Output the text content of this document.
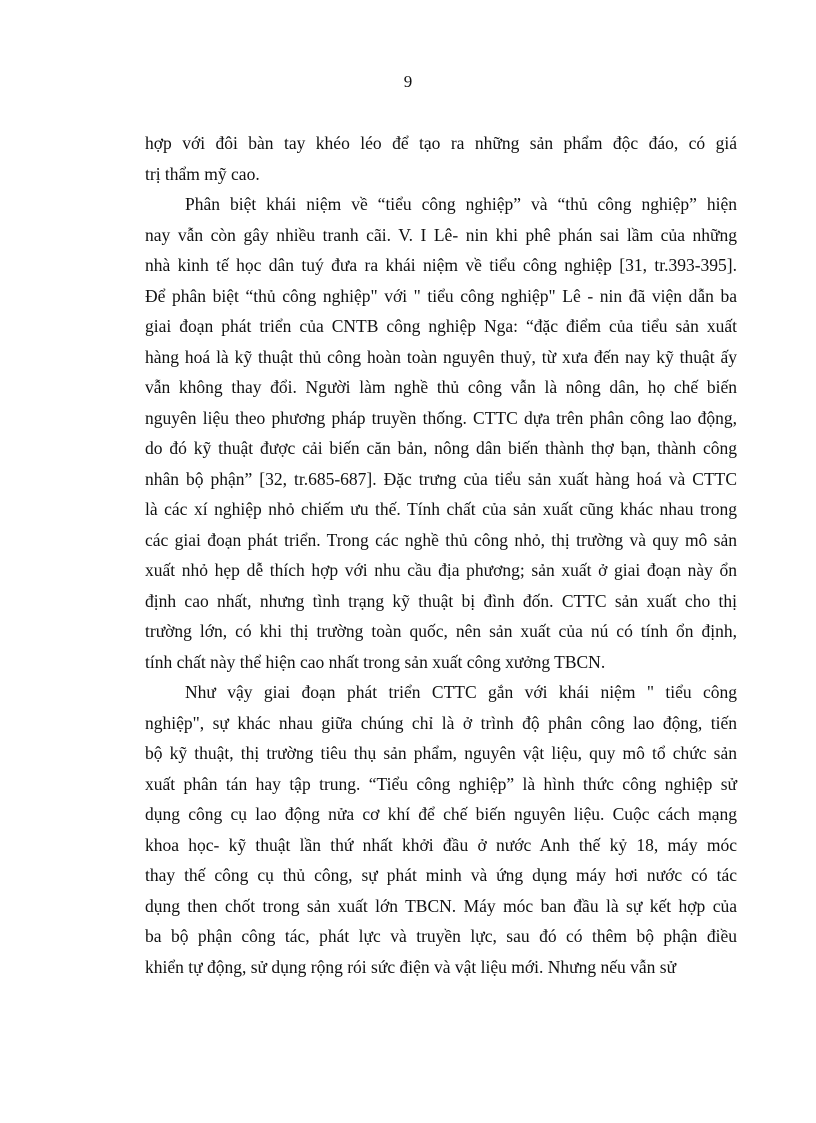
9
hợp với đôi bàn tay khéo léo để tạo ra những sản phẩm độc đáo, có giá
trị thẩm mỹ cao.
Phân biệt khái niệm về “tiểu công nghiệp” và “thủ công nghiệp” hiện
nay vẫn còn gây nhiều tranh cãi. V. I Lê- nin khi phê phán sai lầm của những
nhà kinh tế học dân tuý đưa ra khái niệm về tiểu công nghiệp [31, tr.393-395].
Để phân biệt “thủ công nghiệp" với " tiểu công nghiệp" Lê - nin đã viện dẫn ba
giai đoạn phát triển của CNTB công nghiệp Nga: “đặc điểm của tiểu sản xuất
hàng hoá là kỹ thuật thủ công hoàn toàn nguyên thuỷ, từ xưa đến nay kỹ thuật ấy
vẫn không thay đổi. Người làm nghề thủ công vẫn là nông dân, họ chế biến
nguyên liệu theo phương pháp truyền thống. CTTC dựa trên phân công lao động,
do đó kỹ thuật được cải biến căn bản, nông dân biến thành thợ bạn, thành công
nhân bộ phận” [32, tr.685-687]. Đặc trưng của tiểu sản xuất hàng hoá và CTTC
là các xí nghiệp nhỏ chiếm ưu thế. Tính chất của sản xuất cũng khác nhau trong
các giai đoạn phát triển. Trong các nghề thủ công nhỏ, thị trường và quy mô sản
xuất nhỏ hẹp dễ thích hợp với nhu cầu địa phương; sản xuất ở giai đoạn này ổn
định cao nhất, nhưng tình trạng kỹ thuật bị đình đốn. CTTC sản xuất cho thị
trường lớn, có khi thị trường toàn quốc, nên sản xuất của nú có tính ổn định,
tính chất này thể hiện cao nhất trong sản xuất công xưởng TBCN.
Như vậy giai đoạn phát triển CTTC gắn với khái niệm " tiểu công
nghiệp", sự khác nhau giữa chúng chỉ là ở trình độ phân công lao động, tiến
bộ kỹ thuật, thị trường tiêu thụ sản phẩm, nguyên vật liệu, quy mô tổ chức sản
xuất phân tán hay tập trung. “Tiểu công nghiệp” là hình thức công nghiệp sử
dụng công cụ lao động nửa cơ khí để chế biến nguyên liệu. Cuộc cách mạng
khoa học- kỹ thuật lần thứ nhất khởi đầu ở nước Anh thế kỷ 18, máy móc
thay thế công cụ thủ công, sự phát minh và ứng dụng máy hơi nước có tác
dụng then chốt trong sản xuất lớn TBCN. Máy móc ban đầu là sự kết hợp của
ba bộ phận công tác, phát lực và truyền lực, sau đó có thêm bộ phận điều
khiển tự động, sử dụng rộng rói sức điện và vật liệu mới. Nhưng nếu vẫn sử
